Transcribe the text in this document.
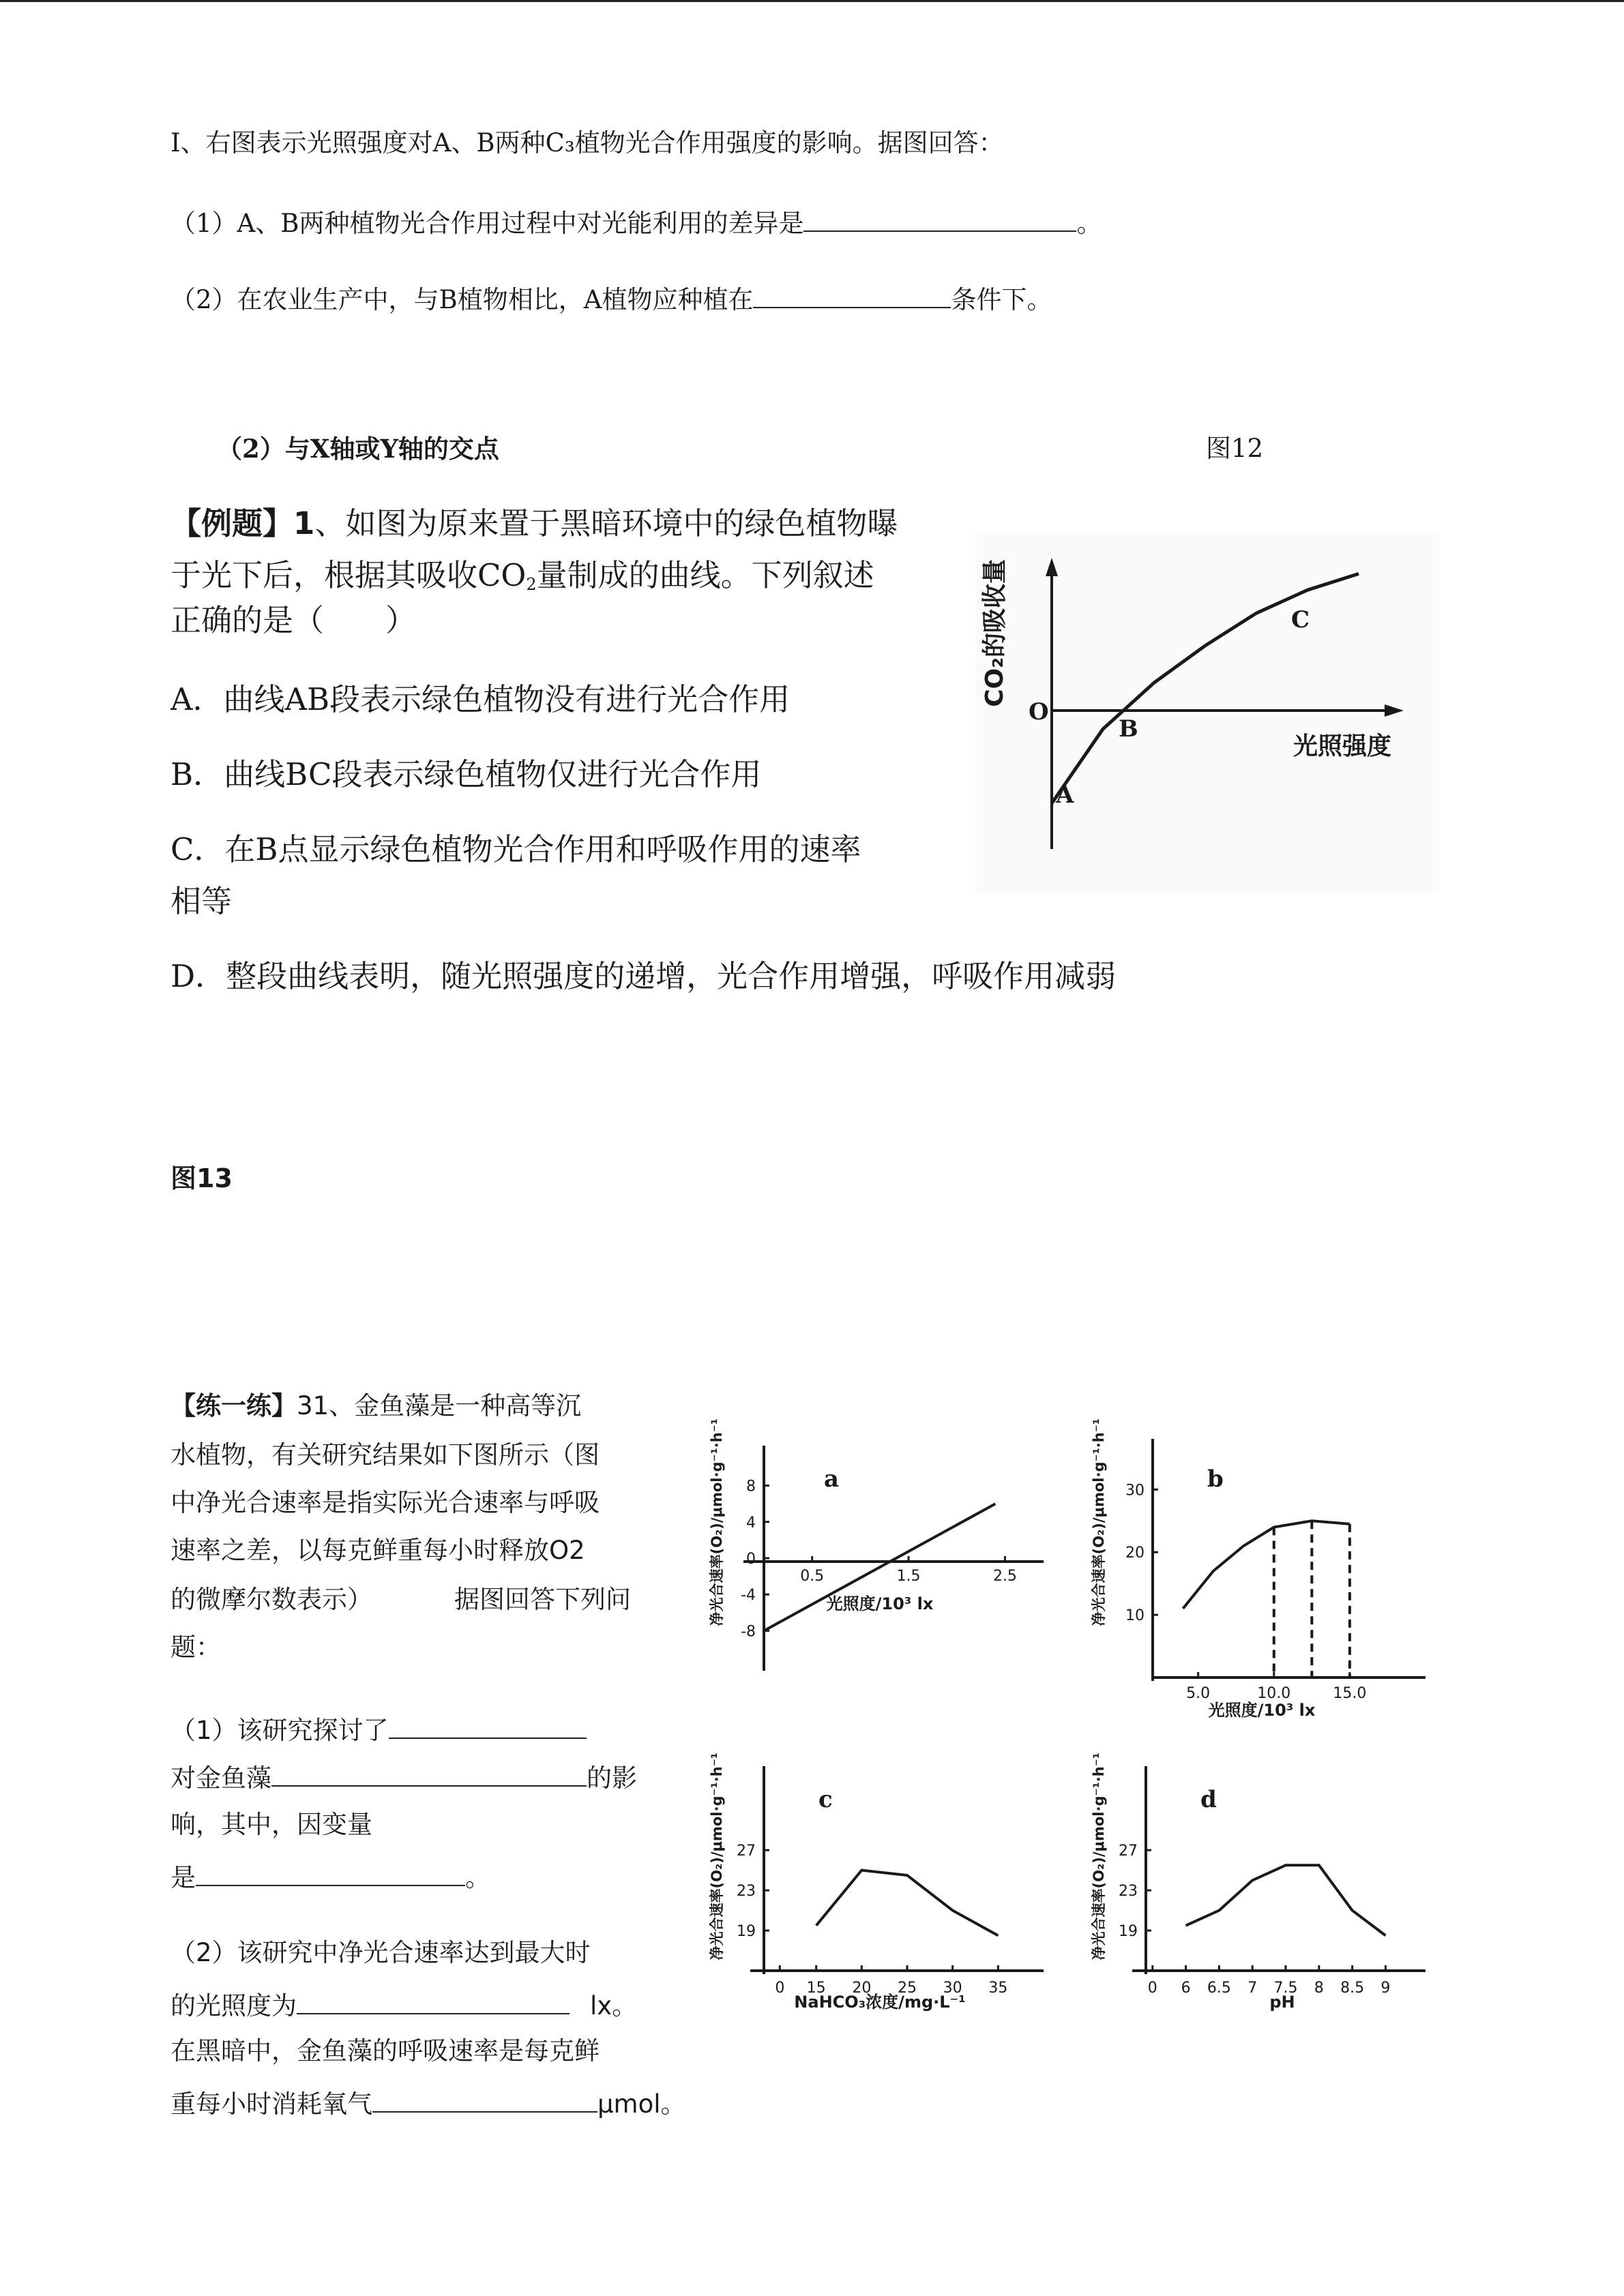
Ⅰ、右图表示光照强度对A、B两种C₃植物光合作用强度的影响。据图回答：
（1）A、B两种植物光合作用过程中对光能利用的差异是	。
（2）在农业生产中，与B植物相比，A植物应种植在	条件下。
（2）与X轴或Y轴的交点	图12
【例题】1、如图为原来置于黑暗环境中的绿色植物曝
于光下后，根据其吸收$CO_2$量制成的曲线。下列叙述
正确的是（　　）
A．曲线AB段表示绿色植物没有进行光合作用
B．曲线BC段表示绿色植物仅进行光合作用
C．在B点显示绿色植物光合作用和呼吸作用的速率
相等
D．整段曲线表明，随光照强度的递增，光合作用增强，呼吸作用减弱
O
A
B
C
光照强度
CO₂的吸收量
图13
【练一练】31、金鱼藻是一种高等沉
水植物，有关研究结果如下图所示（图
中净光合速率是指实际光合速率与呼吸
速率之差，以每克鲜重每小时释放O2
的微摩尔数表示）	据图回答下列问
题：
（1）该研究探讨了
对金鱼藻	的影
响，其中，因变量
是	。
（2）该研究中净光合速率达到最大时
的光照度为	lx。
在黑暗中，金鱼藻的呼吸速率是每克鲜
重每小时消耗氧气	μmol。
a
光照度/10³ lx
净光合速率(O₂)/μmol·g⁻¹·h⁻¹	0.5	1.5	2.5
8
4
0
-4
-8
b
光照度/10³ lx
净光合速率(O₂)/μmol·g⁻¹·h⁻¹
5.0	10.0	15.0
30
20
10
c
NaHCO₃浓度/mg·L⁻¹
净光合速率(O₂)/μmol·g⁻¹·h⁻¹
0 15 20 25 30 35
27
23
19
d
pH
净光合速率(O₂)/μmol·g⁻¹·h⁻¹
0 6 6.5 7 7.5 8 8.5 9
27
23
19
